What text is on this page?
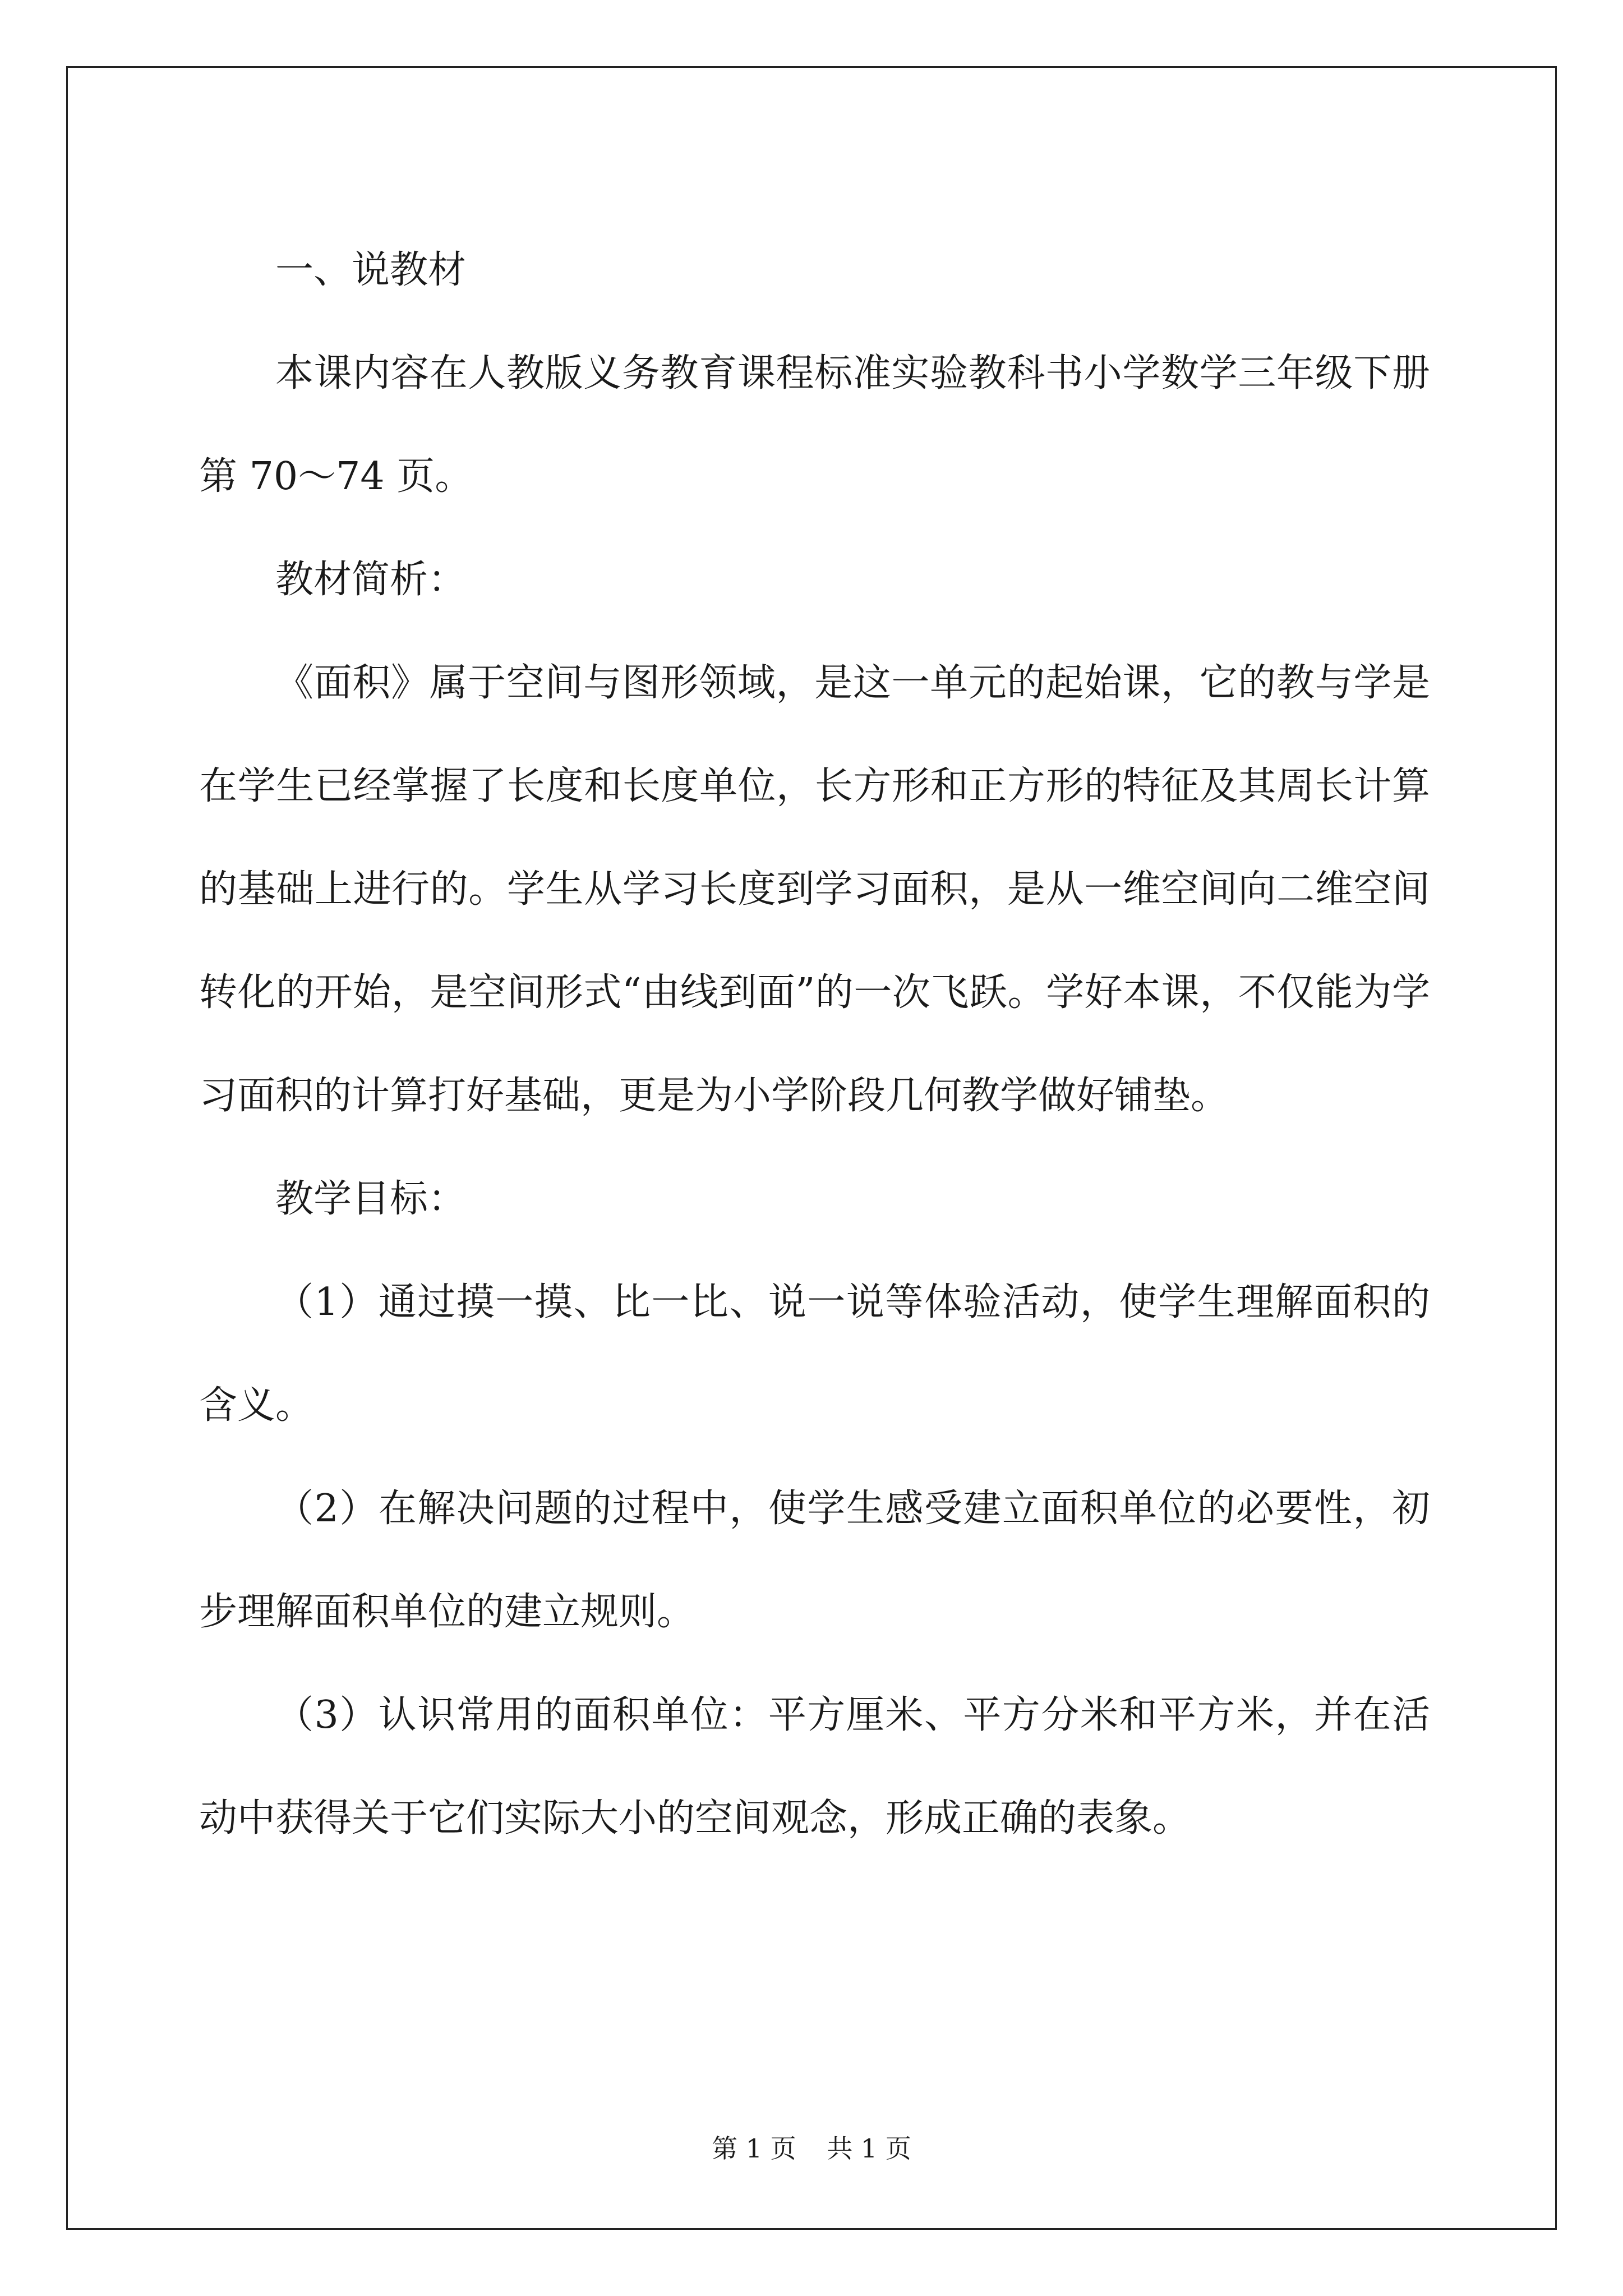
一、说教材

本课内容在人教版义务教育课程标准实验教科书小学数学三年级下册第 70～74 页。

教材简析：

《面积》属于空间与图形领域，是这一单元的起始课，它的教与学是在学生已经掌握了长度和长度单位，长方形和正方形的特征及其周长计算的基础上进行的。学生从学习长度到学习面积，是从一维空间向二维空间转化的开始，是空间形式“由线到面”的一次飞跃。学好本课，不仅能为学习面积的计算打好基础，更是为小学阶段几何教学做好铺垫。

教学目标：

（1）通过摸一摸、比一比、说一说等体验活动，使学生理解面积的含义。

（2）在解决问题的过程中，使学生感受建立面积单位的必要性，初步理解面积单位的建立规则。

（3）认识常用的面积单位：平方厘米、平方分米和平方米，并在活动中获得关于它们实际大小的空间观念，形成正确的表象。

第 1 页 共 1 页
